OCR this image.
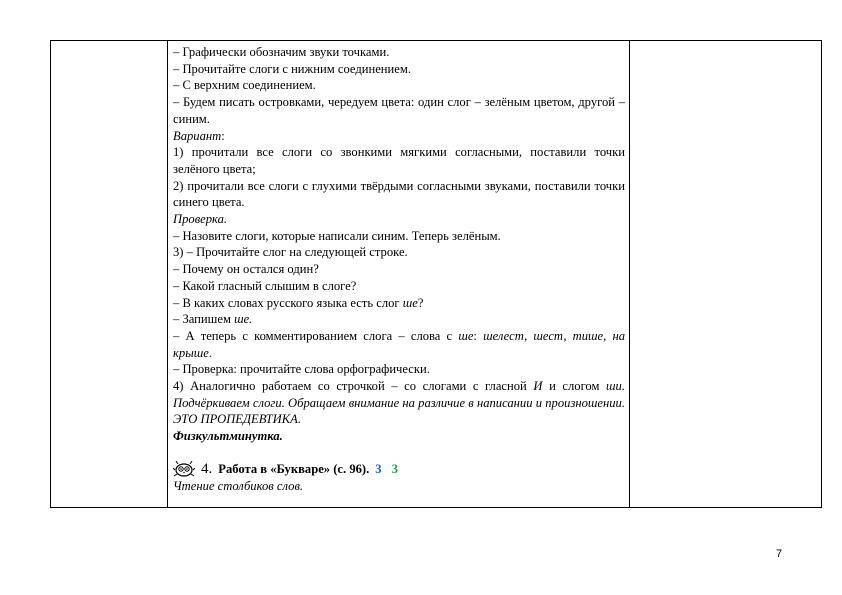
– Графически обозначим звуки точками.

– Прочитайте слоги с нижним соединением.

– С верхним соединением.

– Будем писать островками, чередуем цвета: один слог – зелёным цветом, другой – синим.

Вариант:

1) прочитали все слоги со звонкими мягкими согласными, поставили точки зелёного цвета;

2) прочитали все слоги с глухими твёрдыми согласными звуками, поставили точки синего цвета.

Проверка.

– Назовите слоги, которые написали синим. Теперь зелёным.

3) – Прочитайте слог на следующей строке.

– Почему он остался один?

– Какой гласный слышим в слоге?

– В каких словах русского языка есть слог ше?

– Запишем ше.

– А теперь с комментированием слога – слова с ше: шелест, шест, тише, на крыше.

– Проверка: прочитайте слова орфографически.

4) Аналогично работаем со строчкой – со слогами с гласной И и слогом ши. Подчёркиваем слоги. Обращаем внимание на различие в написании и произношении. ЭТО ПРОПЕДЕВТИКА.

Физкультминутка.

4. Работа в «Букваре» (с. 96). 3 3

Чтение столбиков слов.

7
